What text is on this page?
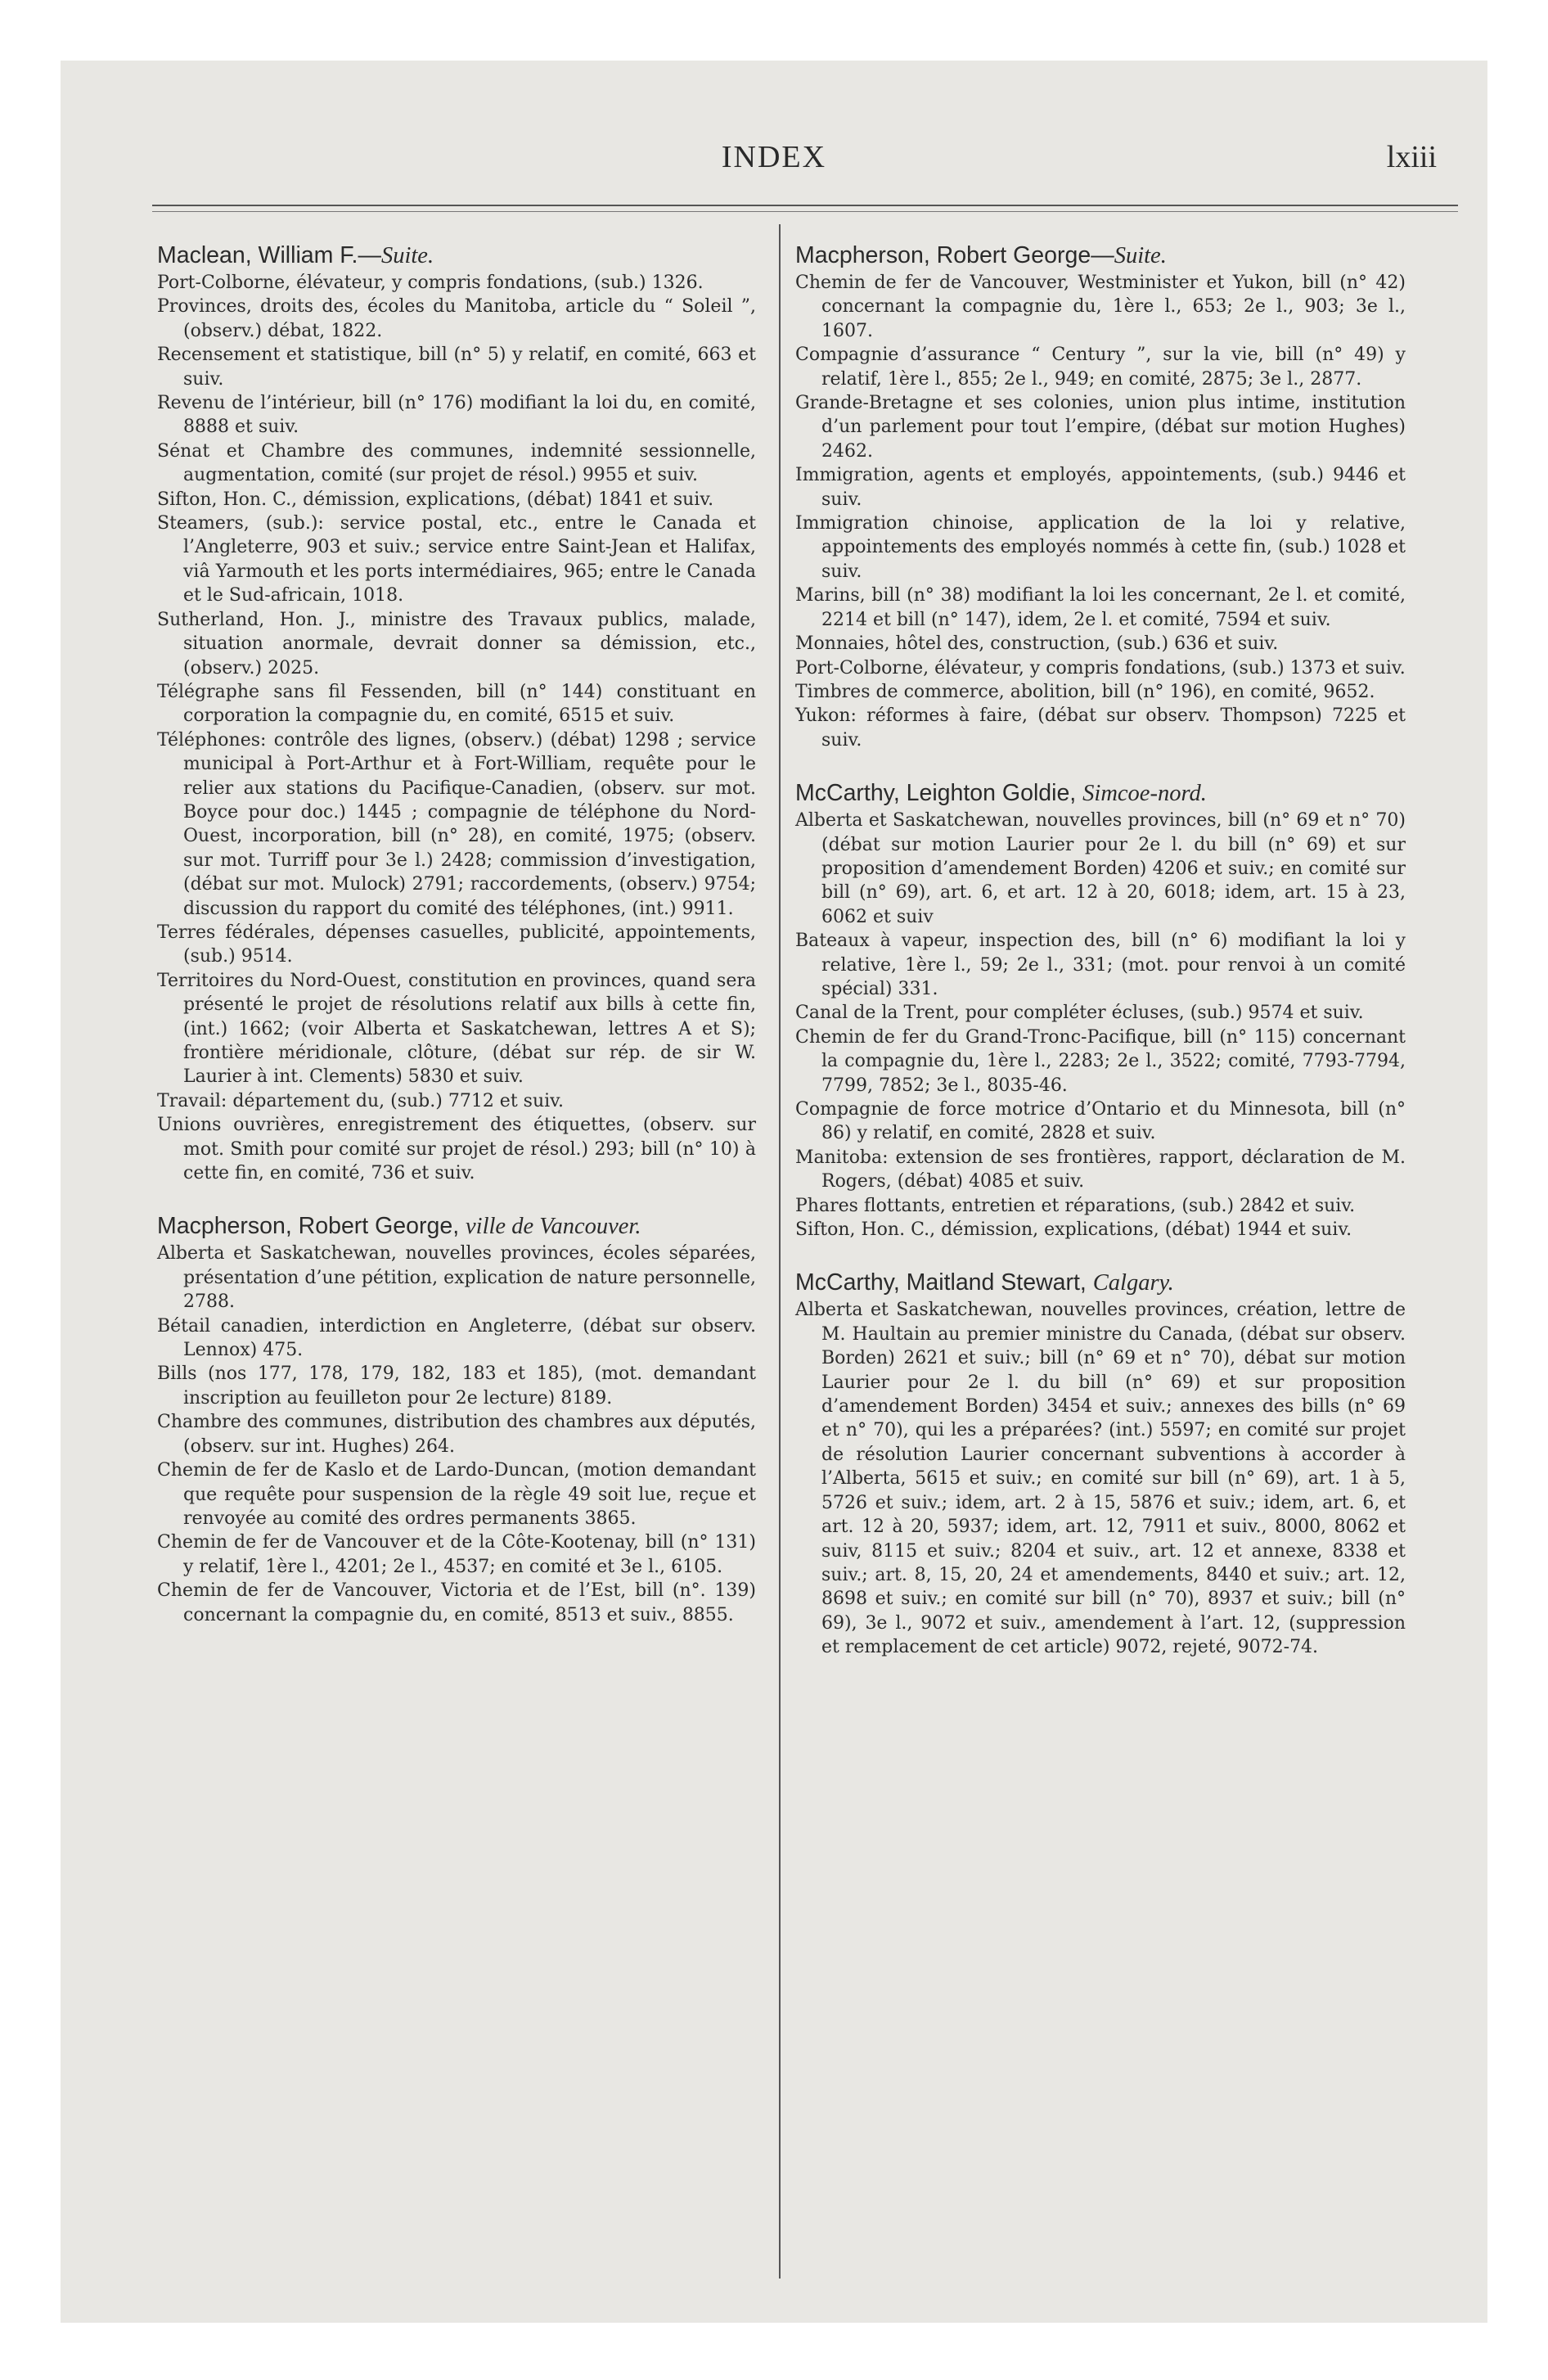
INDEX	lxiii
Maclean, William F.—Suite.
Port-Colborne, élévateur, y compris fondations, (sub.) 1326.
Provinces, droits des, écoles du Manitoba, article du “ Soleil ”, (observ.) débat, 1822.
Recensement et statistique, bill (n° 5) y relatif, en comité, 663 et suiv.
Revenu de l’intérieur, bill (n° 176) modifiant la loi du, en comité, 8888 et suiv.
Sénat et Chambre des communes, indemnité sessionnelle, augmentation, comité (sur projet de résol.) 9955 et suiv.
Sifton, Hon. C., démission, explications, (débat) 1841 et suiv.
Steamers, (sub.): service postal, etc., entre le Canada et l’Angleterre, 903 et suiv.; service entre Saint-Jean et Halifax, viâ Yarmouth et les ports intermédiaires, 965; entre le Canada et le Sud-africain, 1018.
Sutherland, Hon. J., ministre des Travaux publics, malade, situation anormale, devrait donner sa démission, etc., (observ.) 2025.
Télégraphe sans fil Fessenden, bill (n° 144) constituant en corporation la compagnie du, en comité, 6515 et suiv.
Téléphones: contrôle des lignes, (observ.) (débat) 1298 ; service municipal à Port-Arthur et à Fort-William, requête pour le relier aux stations du Pacifique-Canadien, (observ. sur mot. Boyce pour doc.) 1445 ; compagnie de téléphone du Nord-Ouest, incorporation, bill (n° 28), en comité, 1975; (observ. sur mot. Turriff pour 3e l.) 2428; commission d’investigation, (débat sur mot. Mulock) 2791; raccordements, (observ.) 9754; discussion du rapport du comité des téléphones, (int.) 9911.
Terres fédérales, dépenses casuelles, publicité, appointements, (sub.) 9514.
Territoires du Nord-Ouest, constitution en provinces, quand sera présenté le projet de résolutions relatif aux bills à cette fin, (int.) 1662; (voir Alberta et Saskatchewan, lettres A et S); frontière méridionale, clôture, (débat sur rép. de sir W. Laurier à int. Clements) 5830 et suiv.
Travail: département du, (sub.) 7712 et suiv.
Unions ouvrières, enregistrement des étiquettes, (observ. sur mot. Smith pour comité sur projet de résol.) 293; bill (n° 10) à cette fin, en comité, 736 et suiv.
Macpherson, Robert George, ville de Vancouver.
Alberta et Saskatchewan, nouvelles provinces, écoles séparées, présentation d’une pétition, explication de nature personnelle, 2788.
Bétail canadien, interdiction en Angleterre, (débat sur observ. Lennox) 475.
Bills (nos 177, 178, 179, 182, 183 et 185), (mot. demandant inscription au feuilleton pour 2e lecture) 8189.
Chambre des communes, distribution des chambres aux députés, (observ. sur int. Hughes) 264.
Chemin de fer de Kaslo et de Lardo-Duncan, (motion demandant que requête pour suspension de la règle 49 soit lue, reçue et renvoyée au comité des ordres permanents 3865.
Chemin de fer de Vancouver et de la Côte-Kootenay, bill (n° 131) y relatif, 1ère l., 4201; 2e l., 4537; en comité et 3e l., 6105.
Chemin de fer de Vancouver, Victoria et de l’Est, bill (n°. 139) concernant la compagnie du, en comité, 8513 et suiv., 8855.
Macpherson, Robert George—Suite.
Chemin de fer de Vancouver, Westminister et Yukon, bill (n° 42) concernant la compagnie du, 1ère l., 653; 2e l., 903; 3e l., 1607.
Compagnie d’assurance “ Century ”, sur la vie, bill (n° 49) y relatif, 1ère l., 855; 2e l., 949; en comité, 2875; 3e l., 2877.
Grande-Bretagne et ses colonies, union plus intime, institution d’un parlement pour tout l’empire, (débat sur motion Hughes) 2462.
Immigration, agents et employés, appointements, (sub.) 9446 et suiv.
Immigration chinoise, application de la loi y relative, appointements des employés nommés à cette fin, (sub.) 1028 et suiv.
Marins, bill (n° 38) modifiant la loi les concernant, 2e l. et comité, 2214 et bill (n° 147), idem, 2e l. et comité, 7594 et suiv.
Monnaies, hôtel des, construction, (sub.) 636 et suiv.
Port-Colborne, élévateur, y compris fondations, (sub.) 1373 et suiv.
Timbres de commerce, abolition, bill (n° 196), en comité, 9652.
Yukon: réformes à faire, (débat sur observ. Thompson) 7225 et suiv.
McCarthy, Leighton Goldie, Simcoe-nord.
Alberta et Saskatchewan, nouvelles provinces, bill (n° 69 et n° 70) (débat sur motion Laurier pour 2e l. du bill (n° 69) et sur proposition d’amendement Borden) 4206 et suiv.; en comité sur bill (n° 69), art. 6, et art. 12 à 20, 6018; idem, art. 15 à 23, 6062 et suiv
Bateaux à vapeur, inspection des, bill (n° 6) modifiant la loi y relative, 1ère l., 59; 2e l., 331; (mot. pour renvoi à un comité spécial) 331.
Canal de la Trent, pour compléter écluses, (sub.) 9574 et suiv.
Chemin de fer du Grand-Tronc-Pacifique, bill (n° 115) concernant la compagnie du, 1ère l., 2283; 2e l., 3522; comité, 7793-7794, 7799, 7852; 3e l., 8035-46.
Compagnie de force motrice d’Ontario et du Minnesota, bill (n° 86) y relatif, en comité, 2828 et suiv.
Manitoba: extension de ses frontières, rapport, déclaration de M. Rogers, (débat) 4085 et suiv.
Phares flottants, entretien et réparations, (sub.) 2842 et suiv.
Sifton, Hon. C., démission, explications, (débat) 1944 et suiv.
McCarthy, Maitland Stewart, Calgary.
Alberta et Saskatchewan, nouvelles provinces, création, lettre de M. Haultain au premier ministre du Canada, (débat sur observ. Borden) 2621 et suiv.; bill (n° 69 et n° 70), débat sur motion Laurier pour 2e l. du bill (n° 69) et sur proposition d’amendement Borden) 3454 et suiv.; annexes des bills (n° 69 et n° 70), qui les a préparées? (int.) 5597; en comité sur projet de résolution Laurier concernant subventions à accorder à l’Alberta, 5615 et suiv.; en comité sur bill (n° 69), art. 1 à 5, 5726 et suiv.; idem, art. 2 à 15, 5876 et suiv.; idem, art. 6, et art. 12 à 20, 5937; idem, art. 12, 7911 et suiv., 8000, 8062 et suiv, 8115 et suiv.; 8204 et suiv., art. 12 et annexe, 8338 et suiv.; art. 8, 15, 20, 24 et amendements, 8440 et suiv.; art. 12, 8698 et suiv.; en comité sur bill (n° 70), 8937 et suiv.; bill (n° 69), 3e l., 9072 et suiv., amendement à l’art. 12, (suppression et remplacement de cet article) 9072, rejeté, 9072-74.
